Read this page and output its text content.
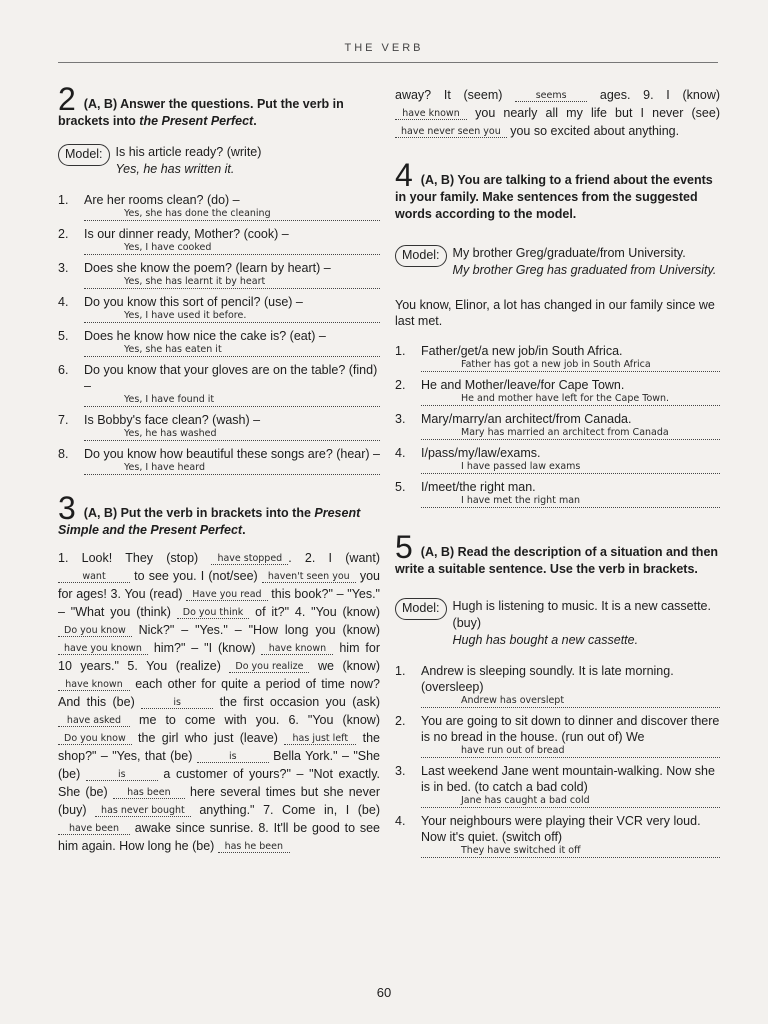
THE VERB

2 (A, B) Answer the questions. Put the verb in brackets into the Present Perfect.

Model:	Is his article ready? (write)
Yes, he has written it.
1.	Are her rooms clean? (do) –
Yes, she has done the cleaning
2.	Is our dinner ready, Mother? (cook) –
Yes, I have cooked
3.	Does she know the poem? (learn by heart) –
Yes, she has learnt it by heart
4.	Do you know this sort of pencil? (use) –
Yes, I have used it before.
5.	Does he know how nice the cake is? (eat) –
Yes, she has eaten it
6.	Do you know that your gloves are on the table? (find) –
Yes, I have found it
7.	Is Bobby's face clean? (wash) –
Yes, he has washed
8.	Do you know how beautiful these songs are? (hear) –
Yes, I have heard

3 (A, B) Put the verb in brackets into the Present Simple and the Present Perfect.

1. Look! They (stop) have stopped . 2. I (want) want to see you. I (not/see) haven't seen you you for ages! 3. You (read) Have you read this book?" – "Yes." – "What you (think) Do you think of it?" 4. "You (know) Do you know Nick?" – "Yes." – "How long you (know) have you known him?" – "I (know) have known him for 10 years." 5. You (realize) Do you realize we (know) have known each other for quite a period of time now? And this (be)	is	the first occasion you (ask) have asked me to come with you. 6. "You (know) Do you know the girl who just (leave) has just left the shop?" – "Yes, that (be)	is	Bella York." – "She (be)	is	a customer of yours?" – "Not exactly. She (be) has been here several times but she never (buy) has never bought anything." 7. Come in, I (be) have been awake since sunrise. 8. It'll be good to see him again. How long he (be) has he been
away? It (seem) seems ages. 9. I (know) have known you nearly all my life but I never (see) have never seen you you so excited about anything.

4 (A, B) You are talking to a friend about the events in your family. Make sentences from the suggested words according to the model.

Model:	My brother Greg/graduate/from University.
My brother Greg has graduated from University.
You know, Elinor, a lot has changed in our family since we last met.
1.	Father/get/a new job/in South Africa.
Father has got a new job in South Africa
2.	He and Mother/leave/for Cape Town.
He and mother have left for the Cape Town.
3.	Mary/marry/an architect/from Canada.
Mary has married an architect from Canada
4.	I/pass/my/law/exams.
I have passed law exams
5.	I/meet/the right man.
I have met the right man

5 (A, B) Read the description of a situation and then write a suitable sentence. Use the verb in brackets.

Model:	Hugh is listening to music. It is a new cassette. (buy)
Hugh has bought a new cassette.
1.	Andrew is sleeping soundly. It is late morning. (oversleep)
Andrew has overslept
2.	You are going to sit down to dinner and discover there is no bread in the house. (run out of) We
have run out of bread
3.	Last weekend Jane went mountain-walking. Now she is in bed. (to catch a bad cold)
Jane has caught a bad cold
4.	Your neighbours were playing their VCR very loud. Now it's quiet. (switch off)
They have switched it off
60
